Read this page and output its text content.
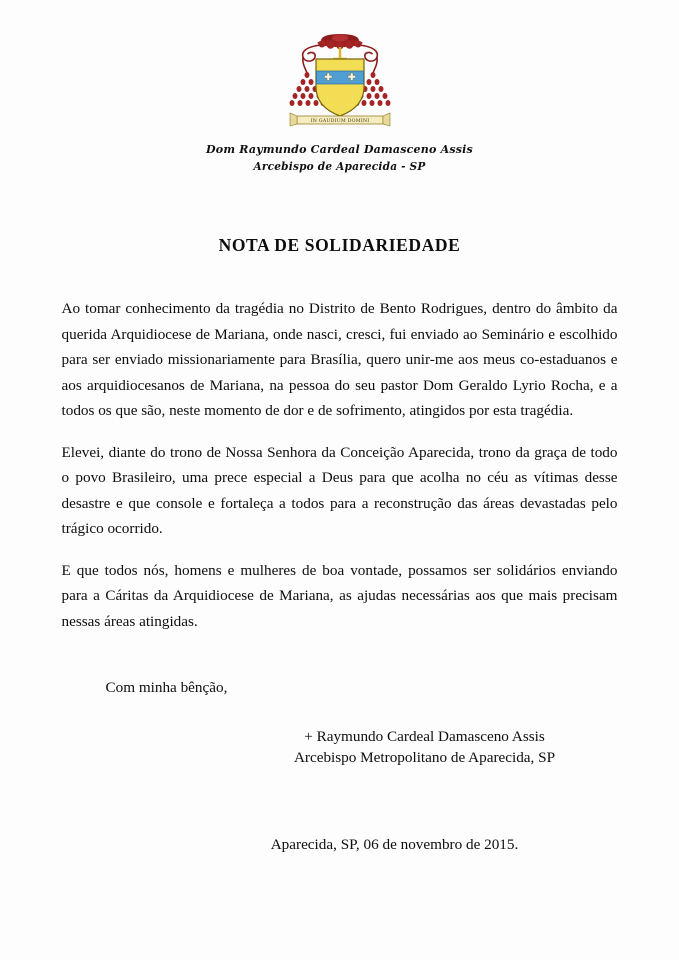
IN GAUDIUM DOMINI
Dom Raymundo Cardeal Damasceno Assis
Arcebispo de Aparecida - SP
NOTA DE SOLIDARIEDADE

Ao tomar conhecimento da tragédia no Distrito de Bento Rodrigues, dentro do âmbito da querida Arquidiocese de Mariana, onde nasci, cresci, fui enviado ao Seminário e escolhido para ser enviado missionariamente para Brasília, quero unir-me aos meus co-estaduanos e aos arquidiocesanos de Mariana, na pessoa do seu pastor Dom Geraldo Lyrio Rocha, e a todos os que são, neste momento de dor e de sofrimento, atingidos por esta tragédia.

Elevei, diante do trono de Nossa Senhora da Conceição Aparecida, trono da graça de todo o povo Brasileiro, uma prece especial a Deus para que acolha no céu as vítimas desse desastre e que console e fortaleça a todos para a reconstrução das áreas devastadas pelo trágico ocorrido.

E que todos nós, homens e mulheres de boa vontade, possamos ser solidários enviando para a Cáritas da Arquidiocese de Mariana, as ajudas necessárias aos que mais precisam nessas áreas atingidas.

Com minha bênção,
+ Raymundo Cardeal Damasceno Assis
Arcebispo Metropolitano de Aparecida, SP
Aparecida, SP, 06 de novembro de 2015.
